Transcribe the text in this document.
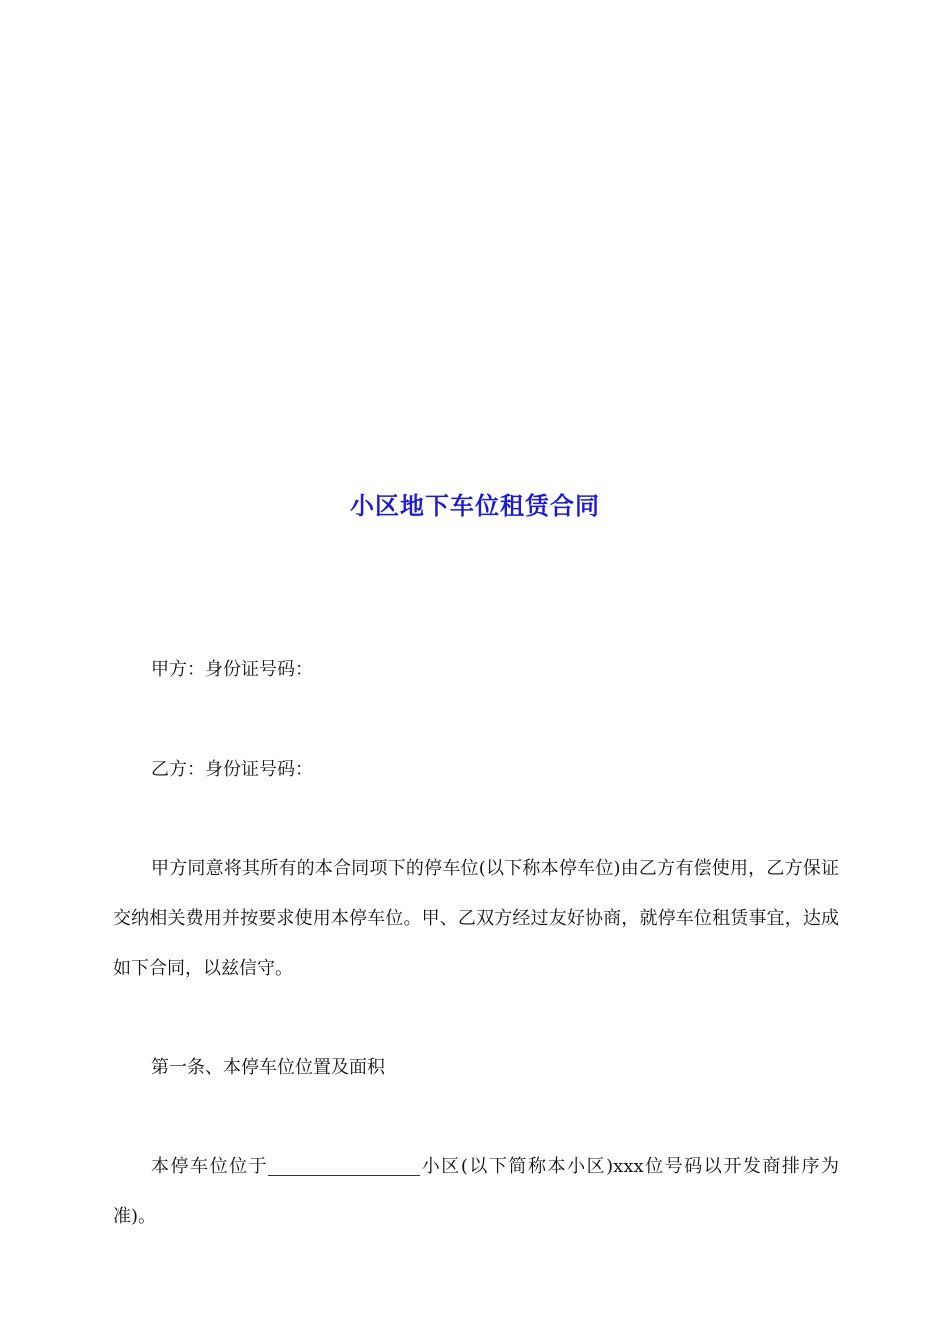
小区地下车位租赁合同
甲方：身份证号码：
乙方：身份证号码：
甲方同意将其所有的本合同项下的停车位(以下称本停车位)由乙方有偿使用，乙方保证交纳相关费用并按要求使用本停车位。甲、乙双方经过友好协商，就停车位租赁事宜，达成如下合同，以兹信守。
第一条、本停车位位置及面积
本停车位位于	小区(以下简称本小区)xxx位号码以开发商排序为准)。
